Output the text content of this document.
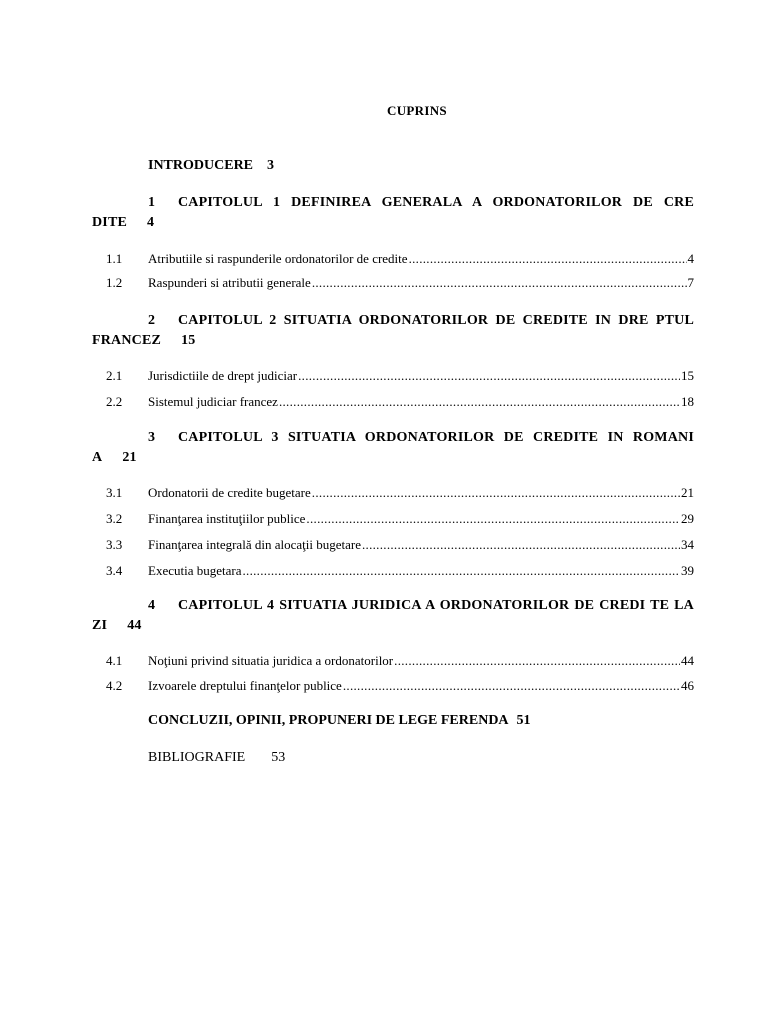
CUPRINS
INTRODUCERE 3
1 CAPITOLUL 1 DEFINIREA GENERALA A ORDONATORILOR DE CRE DITE 4
1.1	Atributiile si raspunderile ordonatorilor de credite .....	4
1.2	Raspunderi si atributii generale .....	7
2 CAPITOLUL 2 SITUATIA ORDONATORILOR DE CREDITE IN DRE PTUL FRANCEZ 15
2.1	Jurisdictiile de drept judiciar .....	15
2.2	Sistemul judiciar francez .....	18
3 CAPITOLUL 3 SITUATIA ORDONATORILOR DE CREDITE IN ROMANI A 21
3.1	Ordonatorii de credite bugetare .....	21
3.2	Finanţarea instituţiilor publice .....	29
3.3	Finanţarea integrală din alocaţii bugetare .....	34
3.4	Executia bugetara .....	39
4 CAPITOLUL 4 SITUATIA JURIDICA A ORDONATORILOR DE CREDI TE LA ZI 44
4.1	Noţiuni privind situatia juridica a ordonatorilor .....	44
4.2	Izvoarele dreptului finanţelor publice .....	46
CONCLUZII, OPINII, PROPUNERI DE LEGE FERENDA 51
BIBLIOGRAFIE 53
